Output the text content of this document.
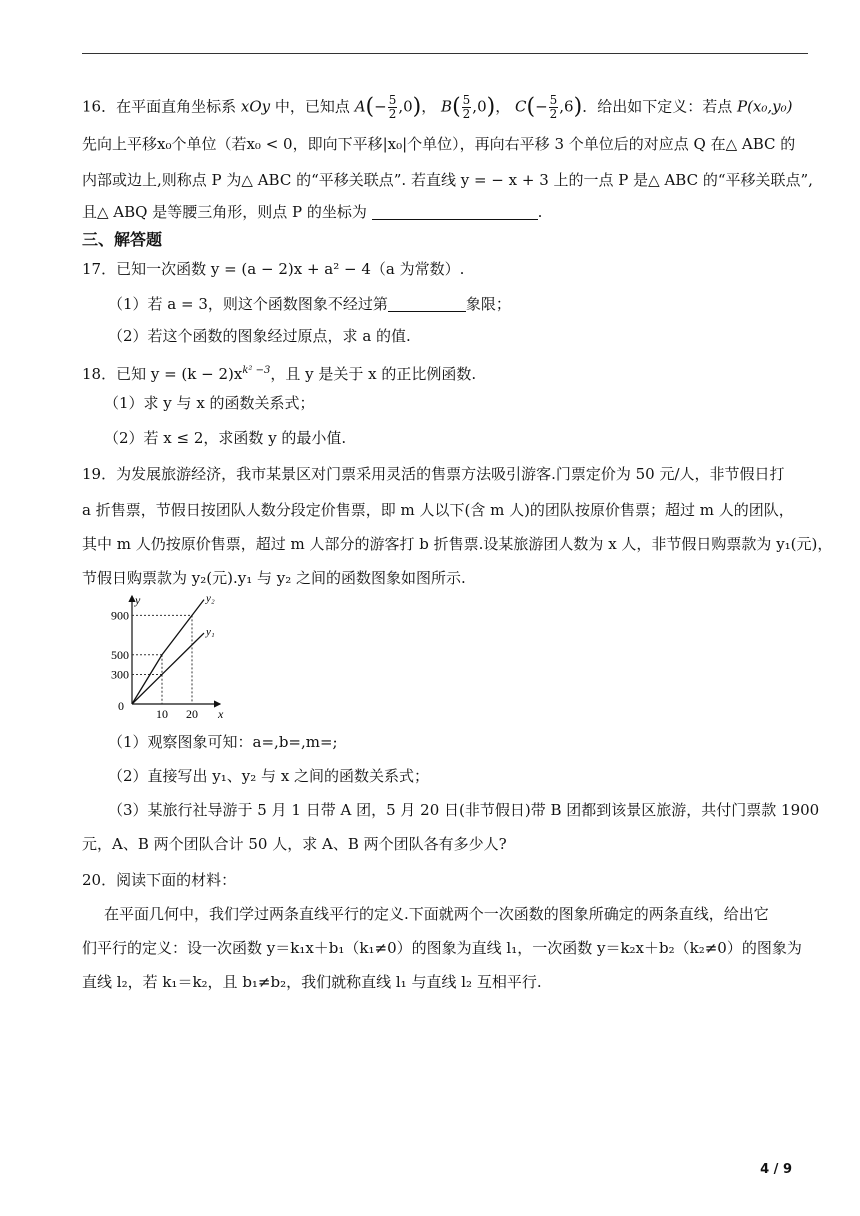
16．在平面直角坐标系 xOy 中，已知点 $A(- \frac{5}{2} ,0)$， $B( \frac{5}{2} ,0)$， $C(- \frac{5}{2} ,6)$．给出如下定义：若点 P(x₀,y₀)
先向上平移x₀个单位（若x₀ < 0，即向下平移|x₀|个单位），再向右平移 3 个单位后的对应点 Q 在△ ABC 的
内部或边上,则称点 P 为△ ABC 的“平移关联点”. 若直线 y = − x + 3 上的一点 P 是△ ABC 的“平移关联点”,
且△ ABQ 是等腰三角形，则点 P 的坐标为	.
三、解答题
17．已知一次函数 y = (a − 2)x + a² − 4（a 为常数）.
（1）若 a = 3，则这个函数图象不经过第	象限；
（2）若这个函数的图象经过原点，求 a 的值.
18．已知 $y = (k - 2)x^{k^2 -3}$，且 y 是关于 x 的正比例函数.
（1）求 y 与 x 的函数关系式；
（2）若 x ≤ 2，求函数 y 的最小值.
19．为发展旅游经济，我市某景区对门票采用灵活的售票方法吸引游客.门票定价为 50 元/人，非节假日打
a 折售票，节假日按团队人数分段定价售票，即 m 人以下(含 m 人)的团队按原价售票；超过 m 人的团队，
其中 m 人仍按原价售票，超过 m 人部分的游客打 b 折售票.设某旅游团人数为 x 人，非节假日购票款为 y₁(元)，
节假日购票款为 y₂(元).y₁ 与 y₂ 之间的函数图象如图所示.
y₂
y₁
300
500
900
10 20
0
x
y
（1）观察图象可知：a=,b=,m=;
（2）直接写出 y₁、y₂ 与 x 之间的函数关系式；
（3）某旅行社导游于 5 月 1 日带 A 团，5 月 20 日(非节假日)带 B 团都到该景区旅游，共付门票款 1900
元，A、B 两个团队合计 50 人，求 A、B 两个团队各有多少人?
20．阅读下面的材料：
在平面几何中，我们学过两条直线平行的定义.下面就两个一次函数的图象所确定的两条直线，给出它
们平行的定义：设一次函数 y＝k₁x＋b₁（k₁≠0）的图象为直线 l₁，一次函数 y＝k₂x＋b₂（k₂≠0）的图象为
直线 l₂，若 k₁＝k₂，且 b₁≠b₂，我们就称直线 l₁ 与直线 l₂ 互相平行.
4 / 9
